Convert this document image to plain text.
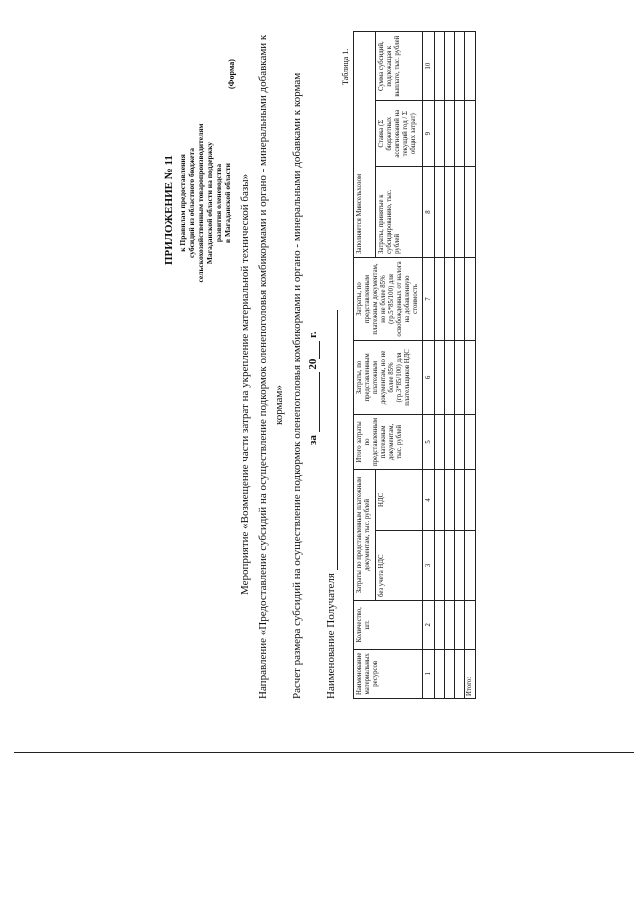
ПРИЛОЖЕНИЕ № 11 к Правилам предоставления субсидий из областного бюджета сельскохозяйственным товаропроизводителям Магаданской области на поддержку развития оленеводства в Магаданской области
(Форма)
Мероприятие «Возмещение части затрат на укрепление материальной технической базы» Направление «Предоставление субсидий на осуществление подкормок оленепоголовья комбикормами и органо - минеральными добавками к кормам» Расчет размера субсидий на осуществление подкормок оленепоголовья комбикормами и органо - минеральными добавками к кормам за   20  г.
Наименование Получателя
Таблица 1.
Наименование материальных ресурсов	Количество, шт.	Затраты по представленным платежным документам, тыс. рублей		Итого затраты по представленным платежным документам, тыс. рублей	Затраты, по представленным платежным документам, но не более 85% (гр.3*85/100) для плательщиков НДС	Затраты, по представленным платежным документам, но не более 85% (гр.5*85/100) для освобожденных от налога на добавленную стоимость	Заполняется Минсельхозом		
		без учета НДС	НДС				Затраты, принятые к субсидированию, тыс. рублей	Ставка (Σ бюджетных ассигнований на текущий год / Σ общих затрат)	Сумма субсидий, подлежащая к выплате, тыс. рублей
1	2	3	4	5	6	7	8	9	10

Итого:									
